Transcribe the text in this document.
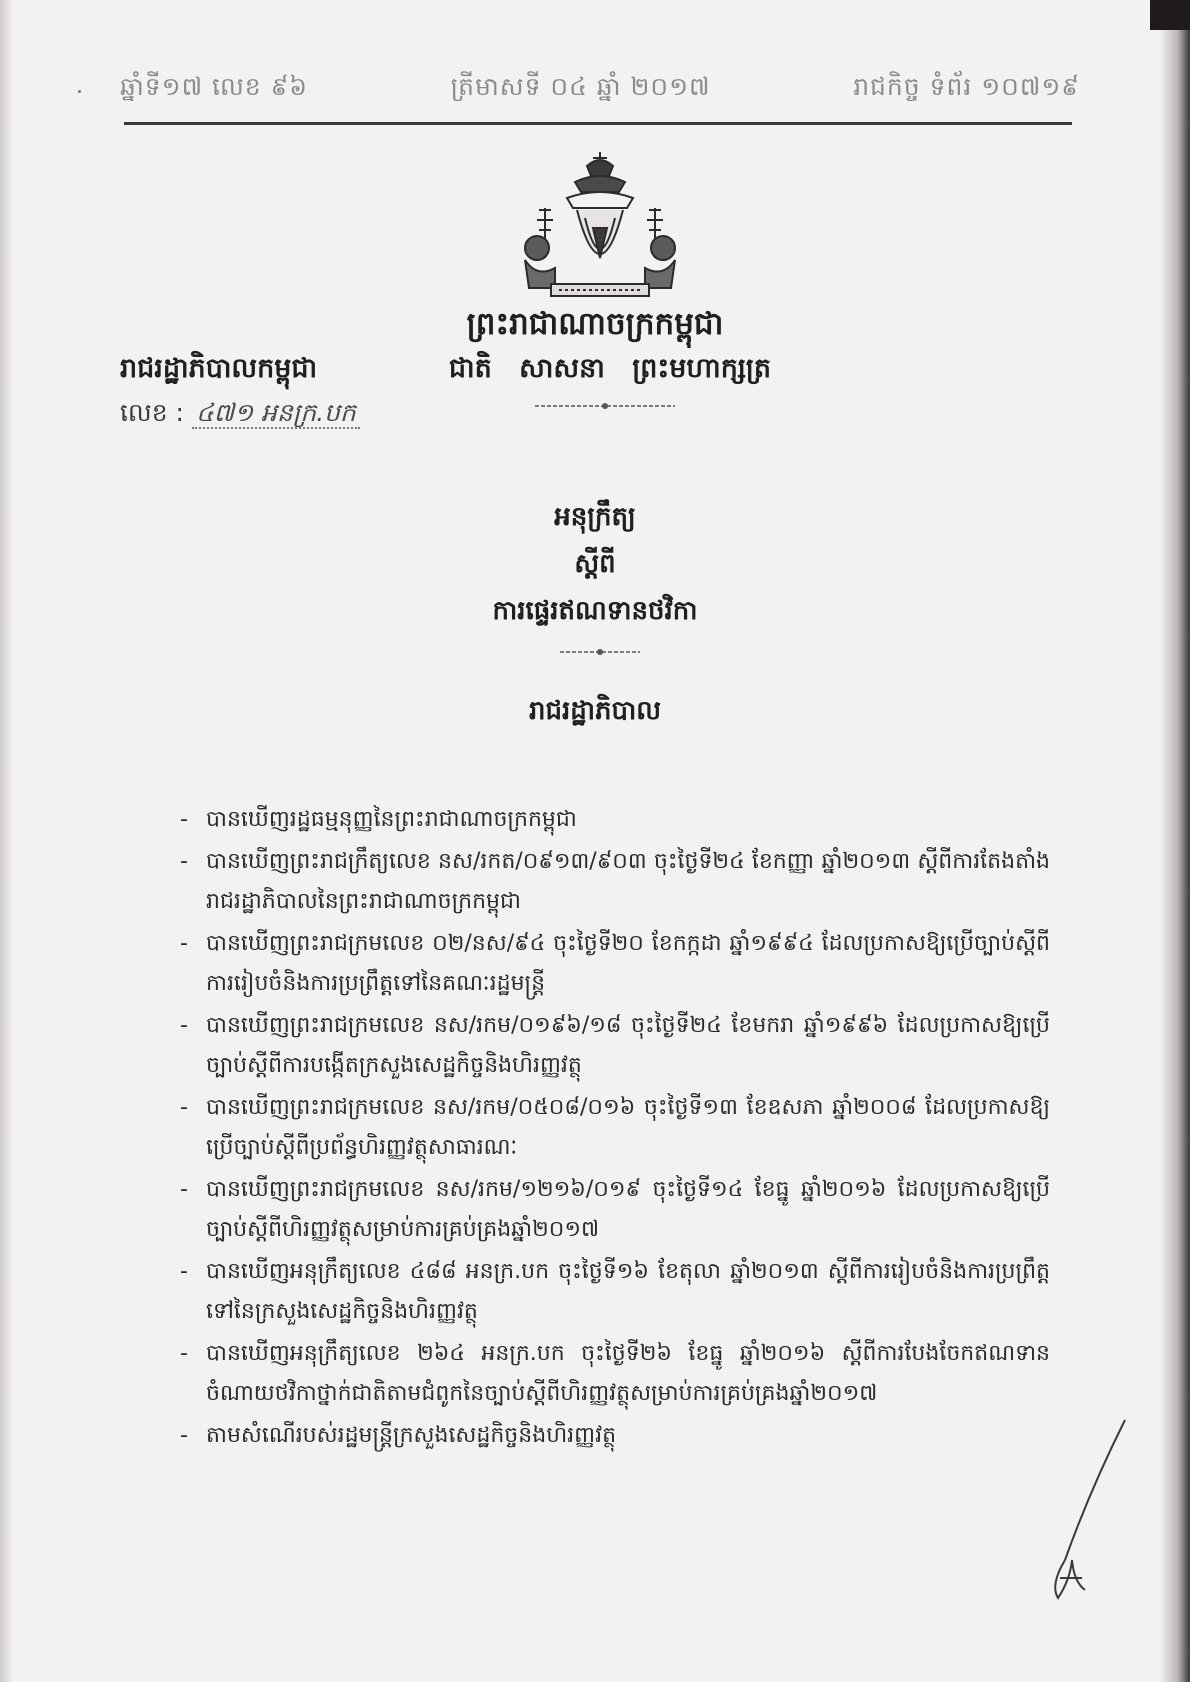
ឆ្នាំទី១៧ លេខ ៩៦	ត្រីមាសទី ០៤ ឆ្នាំ ២០១៧	រាជកិច្ច ទំព័រ ១០៧១៩
ព្រះរាជាណាចក្រកម្ពុជា
រាជរដ្ឋាភិបាលកម្ពុជា	ជាតិ សាសនា ព្រះមហាក្សត្រ
លេខ : ៤៧១ អនក្រ.បក
អនុក្រឹត្យ
ស្តីពី
ការផ្ទេរឥណទានថវិកា
រាជរដ្ឋាភិបាល
- បានឃើញរដ្ឋធម្មនុញ្ញនៃព្រះរាជាណាចក្រកម្ពុជា
- បានឃើញព្រះរាជក្រឹត្យលេខ នស/រកត/០៩១៣/៩០៣ ចុះថ្ងៃទី២៤ ខែកញ្ញា ឆ្នាំ២០១៣ ស្តីពីការតែងតាំងរាជរដ្ឋាភិបាលនៃព្រះរាជាណាចក្រកម្ពុជា
- បានឃើញព្រះរាជក្រមលេខ ០២/នស/៩៤ ចុះថ្ងៃទី២០ ខែកក្កដា ឆ្នាំ១៩៩៤ ដែលប្រកាសឱ្យប្រើច្បាប់ស្តីពីការរៀបចំនិងការប្រព្រឹត្តទៅនៃគណៈរដ្ឋមន្ត្រី
- បានឃើញព្រះរាជក្រមលេខ នស/រកម/០១៩៦/១៨ ចុះថ្ងៃទី២៤ ខែមករា ឆ្នាំ១៩៩៦ ដែលប្រកាសឱ្យប្រើច្បាប់ស្តីពីការបង្កើតក្រសួងសេដ្ឋកិច្ចនិងហិរញ្ញវត្ថុ
- បានឃើញព្រះរាជក្រមលេខ នស/រកម/០៥០៨/០១៦ ចុះថ្ងៃទី១៣ ខែឧសភា ឆ្នាំ២០០៨ ដែលប្រកាសឱ្យប្រើច្បាប់ស្តីពីប្រព័ន្ធហិរញ្ញវត្ថុសាធារណៈ
- បានឃើញព្រះរាជក្រមលេខ នស/រកម/១២១៦/០១៩ ចុះថ្ងៃទី១៤ ខែធ្នូ ឆ្នាំ២០១៦ ដែលប្រកាសឱ្យប្រើច្បាប់ស្តីពីហិរញ្ញវត្ថុសម្រាប់ការគ្រប់គ្រងឆ្នាំ២០១៧
- បានឃើញអនុក្រឹត្យលេខ ៤៨៨ អនក្រ.បក ចុះថ្ងៃទី១៦ ខែតុលា ឆ្នាំ២០១៣ ស្តីពីការរៀបចំនិងការប្រព្រឹត្តទៅនៃក្រសួងសេដ្ឋកិច្ចនិងហិរញ្ញវត្ថុ
- បានឃើញអនុក្រឹត្យលេខ ២៦៤ អនក្រ.បក ចុះថ្ងៃទី២៦ ខែធ្នូ ឆ្នាំ២០១៦ ស្តីពីការបែងចែកឥណទានចំណាយថវិកាថ្នាក់ជាតិតាមជំពូកនៃច្បាប់ស្តីពីហិរញ្ញវត្ថុសម្រាប់ការគ្រប់គ្រងឆ្នាំ២០១៧
- តាមសំណើរបស់រដ្ឋមន្ត្រីក្រសួងសេដ្ឋកិច្ចនិងហិរញ្ញវត្ថុ
